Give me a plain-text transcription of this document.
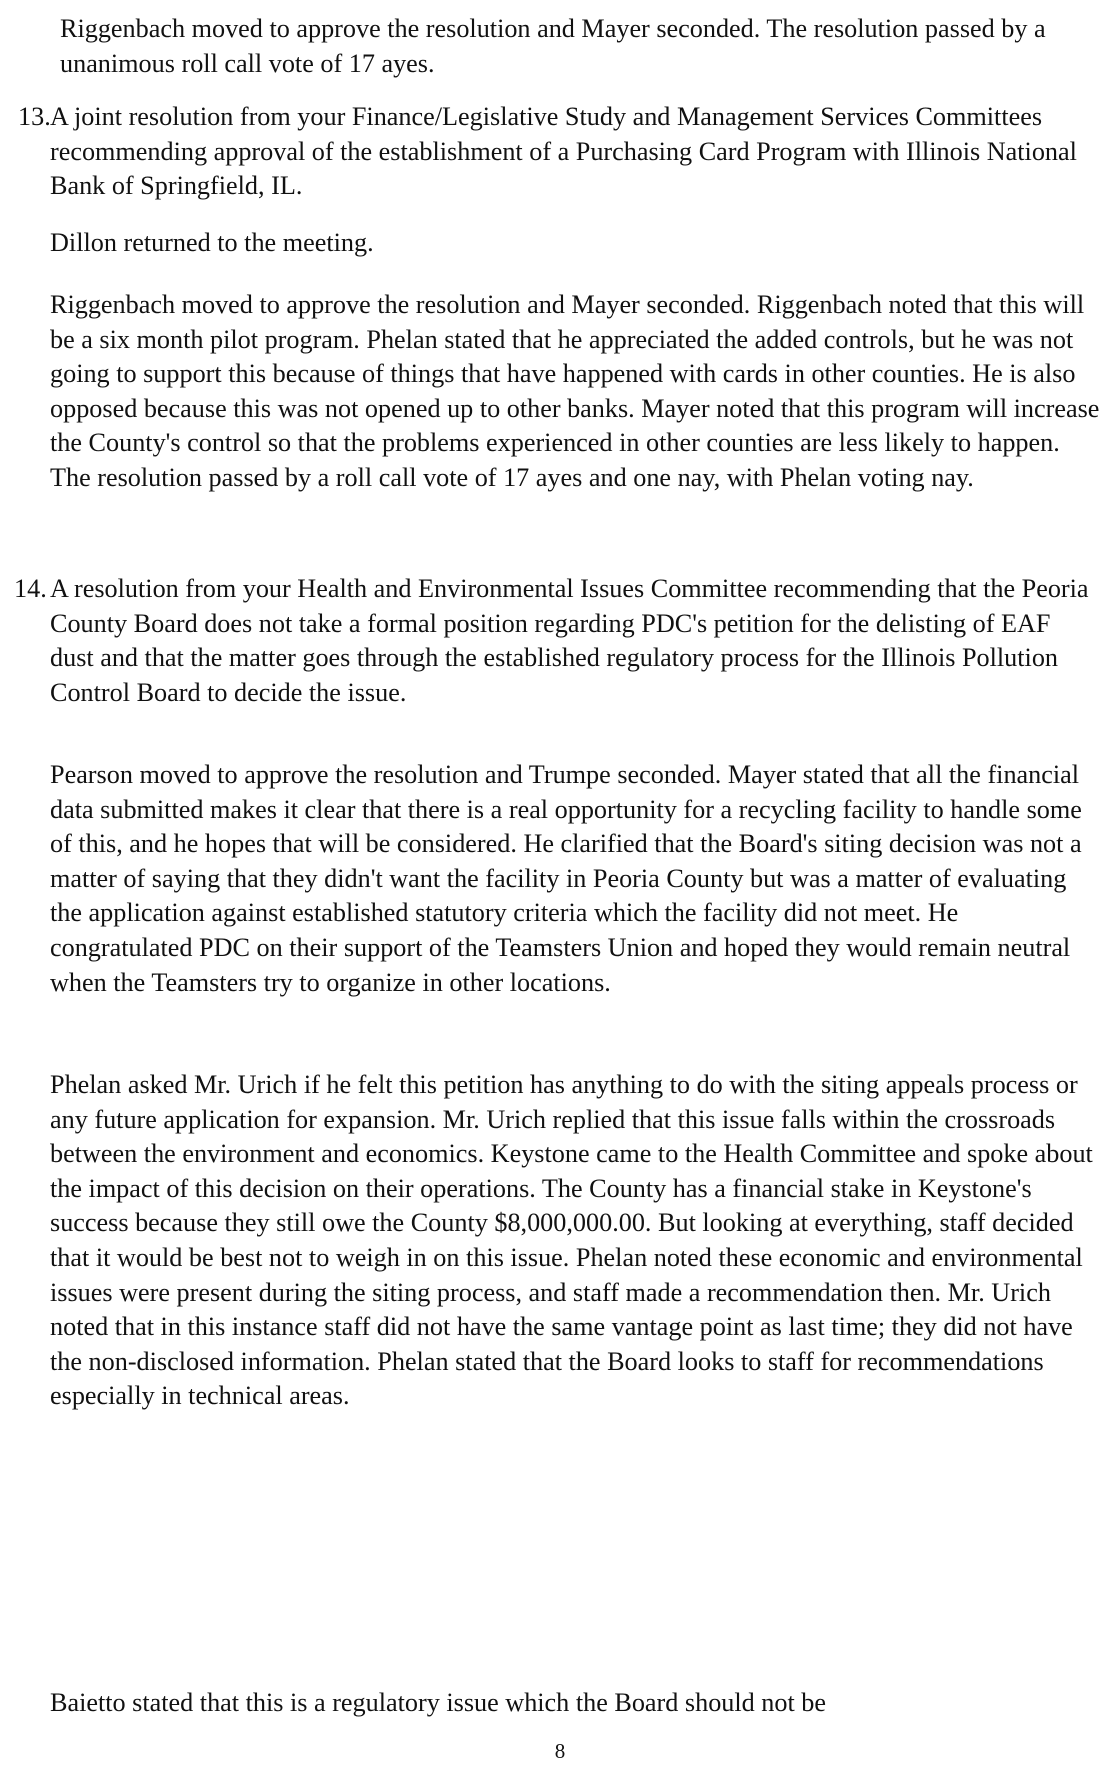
Riggenbach moved to approve the resolution and Mayer seconded. The resolution passed by a unanimous roll call vote of 17 ayes.

13. A joint resolution from your Finance/Legislative Study and Management Services Committees recommending approval of the establishment of a Purchasing Card Program with Illinois National Bank of Springfield, IL.

Dillon returned to the meeting.

Riggenbach moved to approve the resolution and Mayer seconded. Riggenbach noted that this will be a six month pilot program. Phelan stated that he appreciated the added controls, but he was not going to support this because of things that have happened with cards in other counties. He is also opposed because this was not opened up to other banks. Mayer noted that this program will increase the County's control so that the problems experienced in other counties are less likely to happen. The resolution passed by a roll call vote of 17 ayes and one nay, with Phelan voting nay.

14. A resolution from your Health and Environmental Issues Committee recommending that the Peoria County Board does not take a formal position regarding PDC's petition for the delisting of EAF dust and that the matter goes through the established regulatory process for the Illinois Pollution Control Board to decide the issue.

Pearson moved to approve the resolution and Trumpe seconded. Mayer stated that all the financial data submitted makes it clear that there is a real opportunity for a recycling facility to handle some of this, and he hopes that will be considered. He clarified that the Board's siting decision was not a matter of saying that they didn't want the facility in Peoria County but was a matter of evaluating the application against established statutory criteria which the facility did not meet. He congratulated PDC on their support of the Teamsters Union and hoped they would remain neutral when the Teamsters try to organize in other locations.

Phelan asked Mr. Urich if he felt this petition has anything to do with the siting appeals process or any future application for expansion. Mr. Urich replied that this issue falls within the crossroads between the environment and economics. Keystone came to the Health Committee and spoke about the impact of this decision on their operations. The County has a financial stake in Keystone's success because they still owe the County $8,000,000.00. But looking at everything, staff decided that it would be best not to weigh in on this issue. Phelan noted these economic and environmental issues were present during the siting process, and staff made a recommendation then. Mr. Urich noted that in this instance staff did not have the same vantage point as last time; they did not have the non-disclosed information. Phelan stated that the Board looks to staff for recommendations especially in technical areas.

Baietto stated that this is a regulatory issue which the Board should not be

8
